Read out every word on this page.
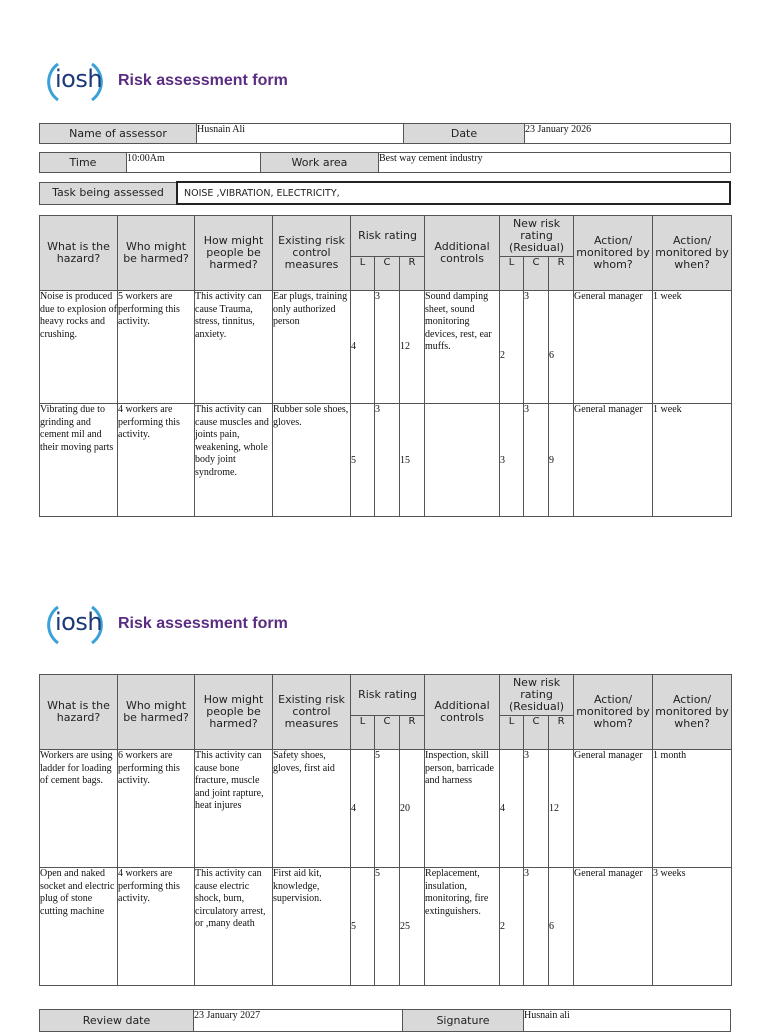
iosh Risk assessment form
Name of assessor	Husnain Ali	Date	23 January 2026
Time	10:00Am	Work area	Best way cement industry
Task being assessed	NOISE ,VIBRATION, ELECTRICITY,
What is the hazard?	Who might be harmed?	How might people be harmed?	Existing risk control measures	Risk rating			Additional controls	New risk rating (Residual)			Action/ monitored by whom?	Action/ monitored by when?
				L	C	R		L	C	R		
Noise is produced due to explosion of heavy rocks and crushing.	5 workers are performing this activity.	This activity can cause Trauma, stress, tinnitus, anxiety.	Ear plugs, training only authorized person	4	3	12	Sound damping sheet, sound monitoring devices, rest, ear muffs.	2	3	6	General manager	1 week
Vibrating due to grinding and cement mil and their moving parts	4 workers are performing this activity.	This activity can cause muscles and joints pain, weakening, whole body joint syndrome.	Rubber sole shoes, gloves.	5	3	15		3	3	9	General manager	1 week
iosh Risk assessment form
What is the hazard?	Who might be harmed?	How might people be harmed?	Existing risk control measures	Risk rating			Additional controls	New risk rating (Residual)			Action/ monitored by whom?	Action/ monitored by when?
				L	C	R		L	C	R		
Workers are using ladder for loading of cement bags.	6 workers are performing this activity.	This activity can cause bone fracture, muscle and joint rapture, heat injures	Safety shoes, gloves, first aid	4	5	20	Inspection, skill person, barricade and harness	4	3	12	General manager	1 month
Open and naked socket and electric plug of stone cutting machine	4 workers are performing this activity.	This activity can cause electric shock, burn, circulatory arrest, or ,many death	First aid kit, knowledge, supervision.	5	5	25	Replacement, insulation, monitoring, fire extinguishers.	2	3	6	General manager	3 weeks
Review date	23 January 2027	Signature	Husnain ali
